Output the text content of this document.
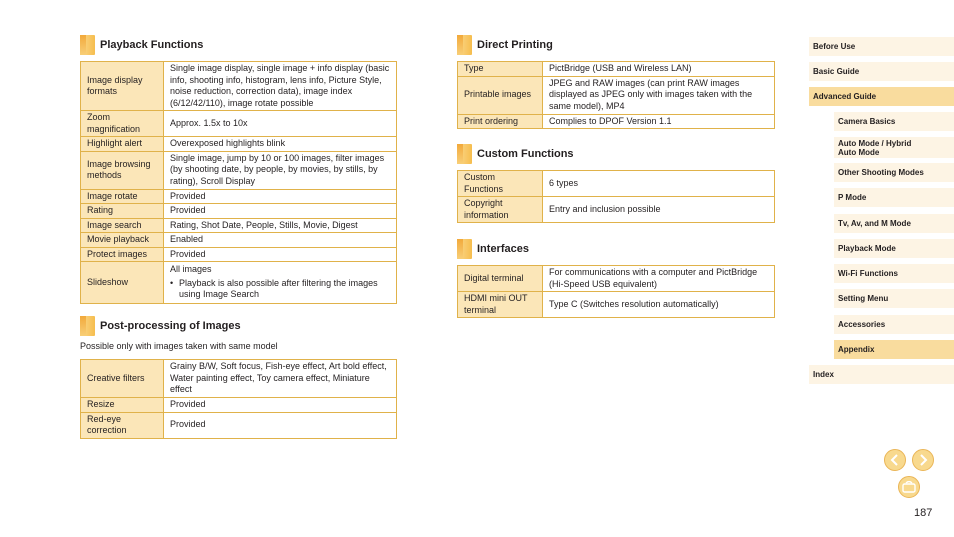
Playback Functions
Image display formats	Single image display, single image + info display (basic info, shooting info, histogram, lens info, Picture Style, noise reduction, correction data), image index (6/12/42/110), image rotate possible
Zoom magnification	Approx. 1.5x to 10x
Highlight alert	Overexposed highlights blink
Image browsing methods	Single image, jump by 10 or 100 images, filter images (by shooting date, by people, by movies, by stills, by rating), Scroll Display
Image rotate	Provided
Rating	Provided
Image search	Rating, Shot Date, People, Stills, Movie, Digest
Movie playback	Enabled
Protect images	Provided
Slideshow	All images
• Playback is also possible after filtering the images using Image Search
Post-processing of Images
Possible only with images taken with same model
Creative filters	Grainy B/W, Soft focus, Fish-eye effect, Art bold effect, Water painting effect, Toy camera effect, Miniature effect
Resize	Provided
Red-eye correction	Provided
Direct Printing
Type	PictBridge (USB and Wireless LAN)
Printable images	JPEG and RAW images (can print RAW images displayed as JPEG only with images taken with the same model), MP4
Print ordering	Complies to DPOF Version 1.1
Custom Functions
Custom Functions	6 types
Copyright information	Entry and inclusion possible
Interfaces
Digital terminal	For communications with a computer and PictBridge (Hi-Speed USB equivalent)
HDMI mini OUT terminal	Type C (Switches resolution automatically)
Before Use
Basic Guide
Advanced Guide
Camera Basics
Auto Mode / Hybrid Auto Mode
Other Shooting Modes
P Mode
Tv, Av, and M Mode
Playback Mode
Wi-Fi Functions
Setting Menu
Accessories
Appendix
Index
187
